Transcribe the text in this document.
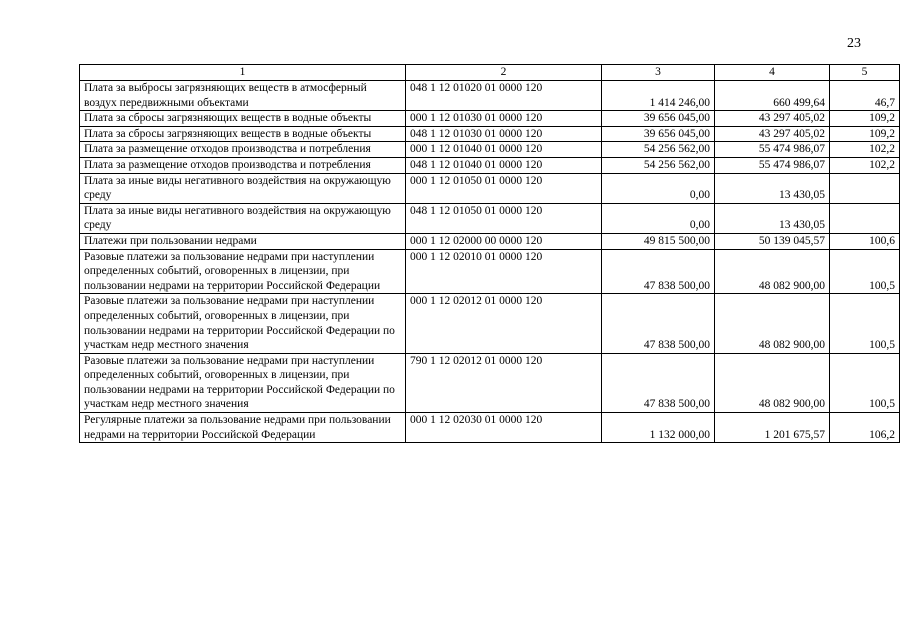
23
1	2	3	4	5
Плата за выбросы загрязняющих веществ в атмосферный воздух передвижными объектами	048 1 12 01020 01 0000 120	1 414 246,00	660 499,64	46,7
Плата за сбросы загрязняющих веществ в водные объекты	000 1 12 01030 01 0000 120	39 656 045,00	43 297 405,02	109,2
Плата за сбросы загрязняющих веществ в водные объекты	048 1 12 01030 01 0000 120	39 656 045,00	43 297 405,02	109,2
Плата за размещение отходов производства и потребления	000 1 12 01040 01 0000 120	54 256 562,00	55 474 986,07	102,2
Плата за размещение отходов производства и потребления	048 1 12 01040 01 0000 120	54 256 562,00	55 474 986,07	102,2
Плата за иные виды негативного воздействия на окружающую среду	000 1 12 01050 01 0000 120	0,00	13 430,05	
Плата за иные виды негативного воздействия на окружающую среду	048 1 12 01050 01 0000 120	0,00	13 430,05	
Платежи при пользовании недрами	000 1 12 02000 00 0000 120	49 815 500,00	50 139 045,57	100,6
Разовые платежи за пользование недрами при наступлении определенных событий, оговоренных в лицензии, при пользовании недрами на территории Российской Федерации	000 1 12 02010 01 0000 120	47 838 500,00	48 082 900,00	100,5
Разовые платежи за пользование недрами при наступлении определенных событий, оговоренных в лицензии, при пользовании недрами на территории Российской Федерации по участкам недр местного значения	000 1 12 02012 01 0000 120	47 838 500,00	48 082 900,00	100,5
Разовые платежи за пользование недрами при наступлении определенных событий, оговоренных в лицензии, при пользовании недрами на территории Российской Федерации по участкам недр местного значения	790 1 12 02012 01 0000 120	47 838 500,00	48 082 900,00	100,5
Регулярные платежи за пользование недрами при пользовании недрами на территории Российской Федерации	000 1 12 02030 01 0000 120	1 132 000,00	1 201 675,57	106,2
